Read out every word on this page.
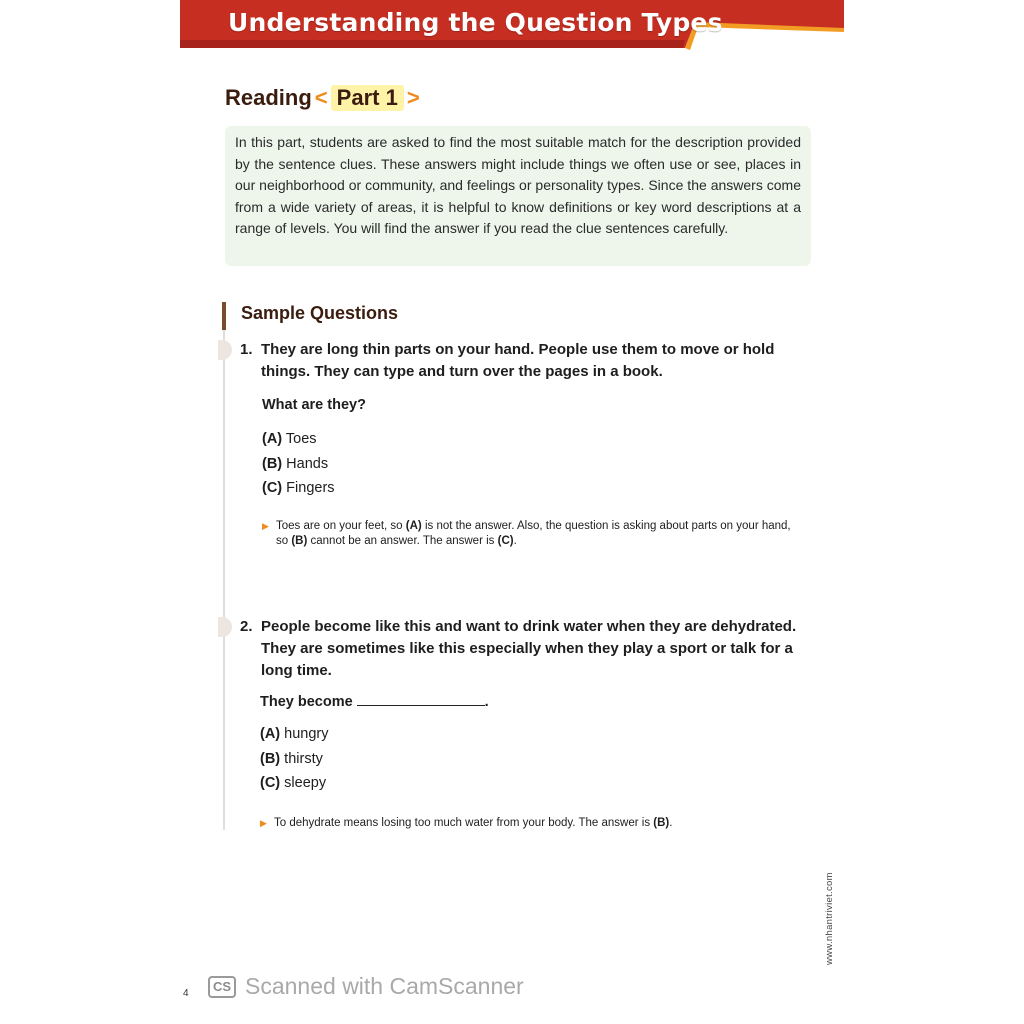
Understanding the Question Types
Reading < Part 1 >
In this part, students are asked to find the most suitable match for the description provided by the sentence clues. These answers might include things we often use or see, places in our neighborhood or community, and feelings or personality types. Since the answers come from a wide variety of areas, it is helpful to know definitions or key word descriptions at a range of levels. You will find the answer if you read the clue sentences carefully.
Sample Questions
1. They are long thin parts on your hand. People use them to move or hold things. They can type and turn over the pages in a book.
What are they?
(A) Toes
(B) Hands
(C) Fingers
▶ Toes are on your feet, so (A) is not the answer. Also, the question is asking about parts on your hand, so (B) cannot be an answer. The answer is (C).
2. People become like this and want to drink water when they are dehydrated. They are sometimes like this especially when they play a sport or talk for a long time.
They become	.
(A) hungry
(B) thirsty
(C) sleepy
▶ To dehydrate means losing too much water from your body. The answer is (B).
www.nhantriviet.com
4	CS Scanned with CamScanner
